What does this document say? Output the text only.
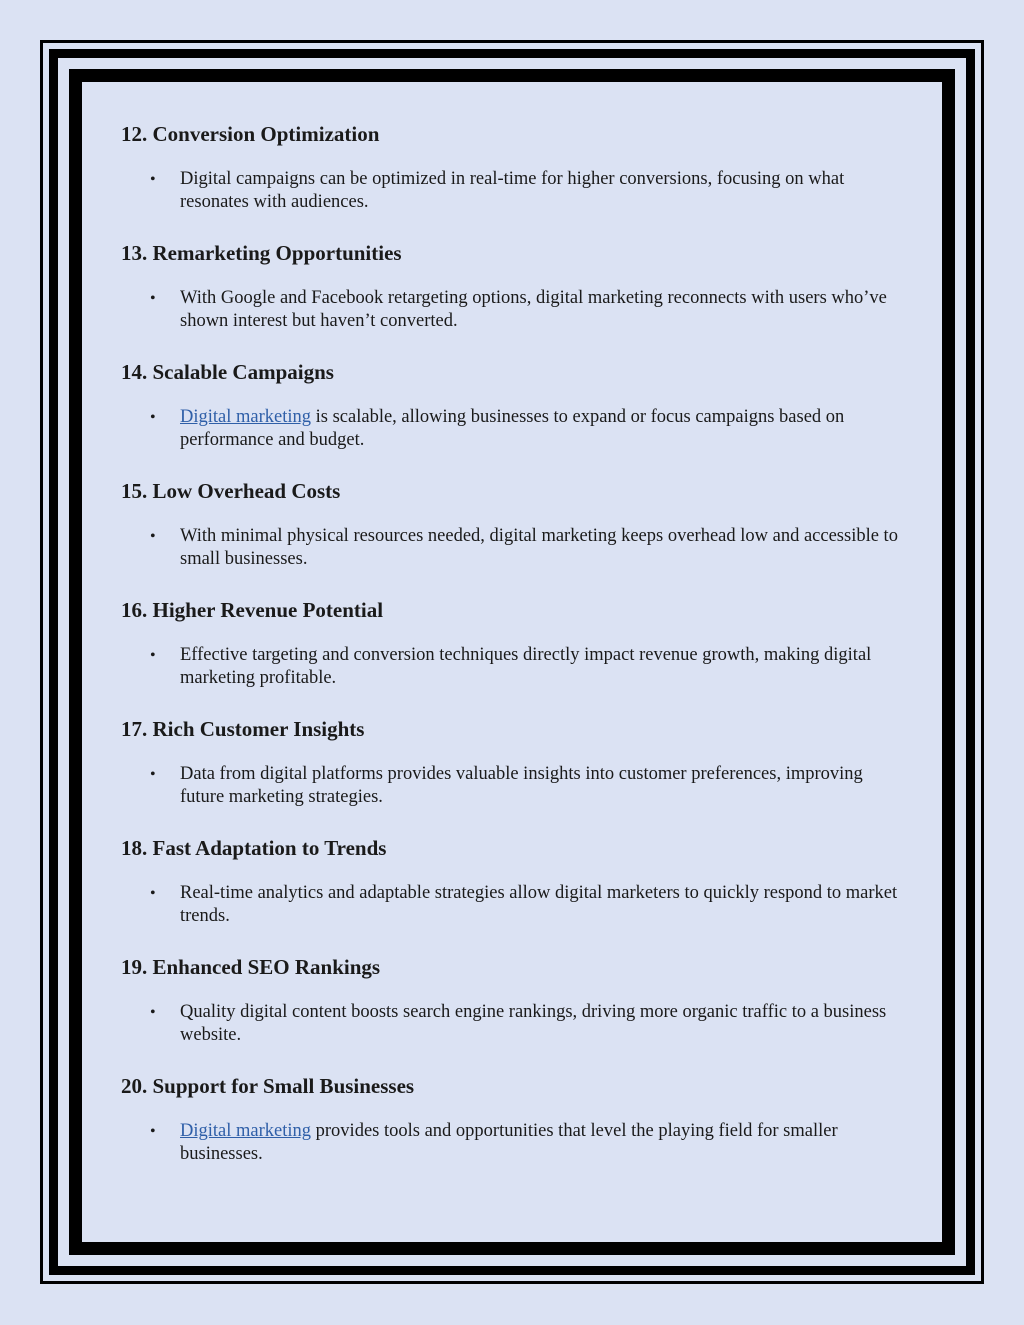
12. Conversion Optimization
• Digital campaigns can be optimized in real-time for higher conversions, focusing on what resonates with audiences.
13. Remarketing Opportunities
• With Google and Facebook retargeting options, digital marketing reconnects with users who’ve shown interest but haven’t converted.
14. Scalable Campaigns
• Digital marketing is scalable, allowing businesses to expand or focus campaigns based on performance and budget.
15. Low Overhead Costs
• With minimal physical resources needed, digital marketing keeps overhead low and accessible to small businesses.
16. Higher Revenue Potential
• Effective targeting and conversion techniques directly impact revenue growth, making digital marketing profitable.
17. Rich Customer Insights
• Data from digital platforms provides valuable insights into customer preferences, improving future marketing strategies.
18. Fast Adaptation to Trends
• Real-time analytics and adaptable strategies allow digital marketers to quickly respond to market trends.
19. Enhanced SEO Rankings
• Quality digital content boosts search engine rankings, driving more organic traffic to a business website.
20. Support for Small Businesses
• Digital marketing provides tools and opportunities that level the playing field for smaller businesses.
